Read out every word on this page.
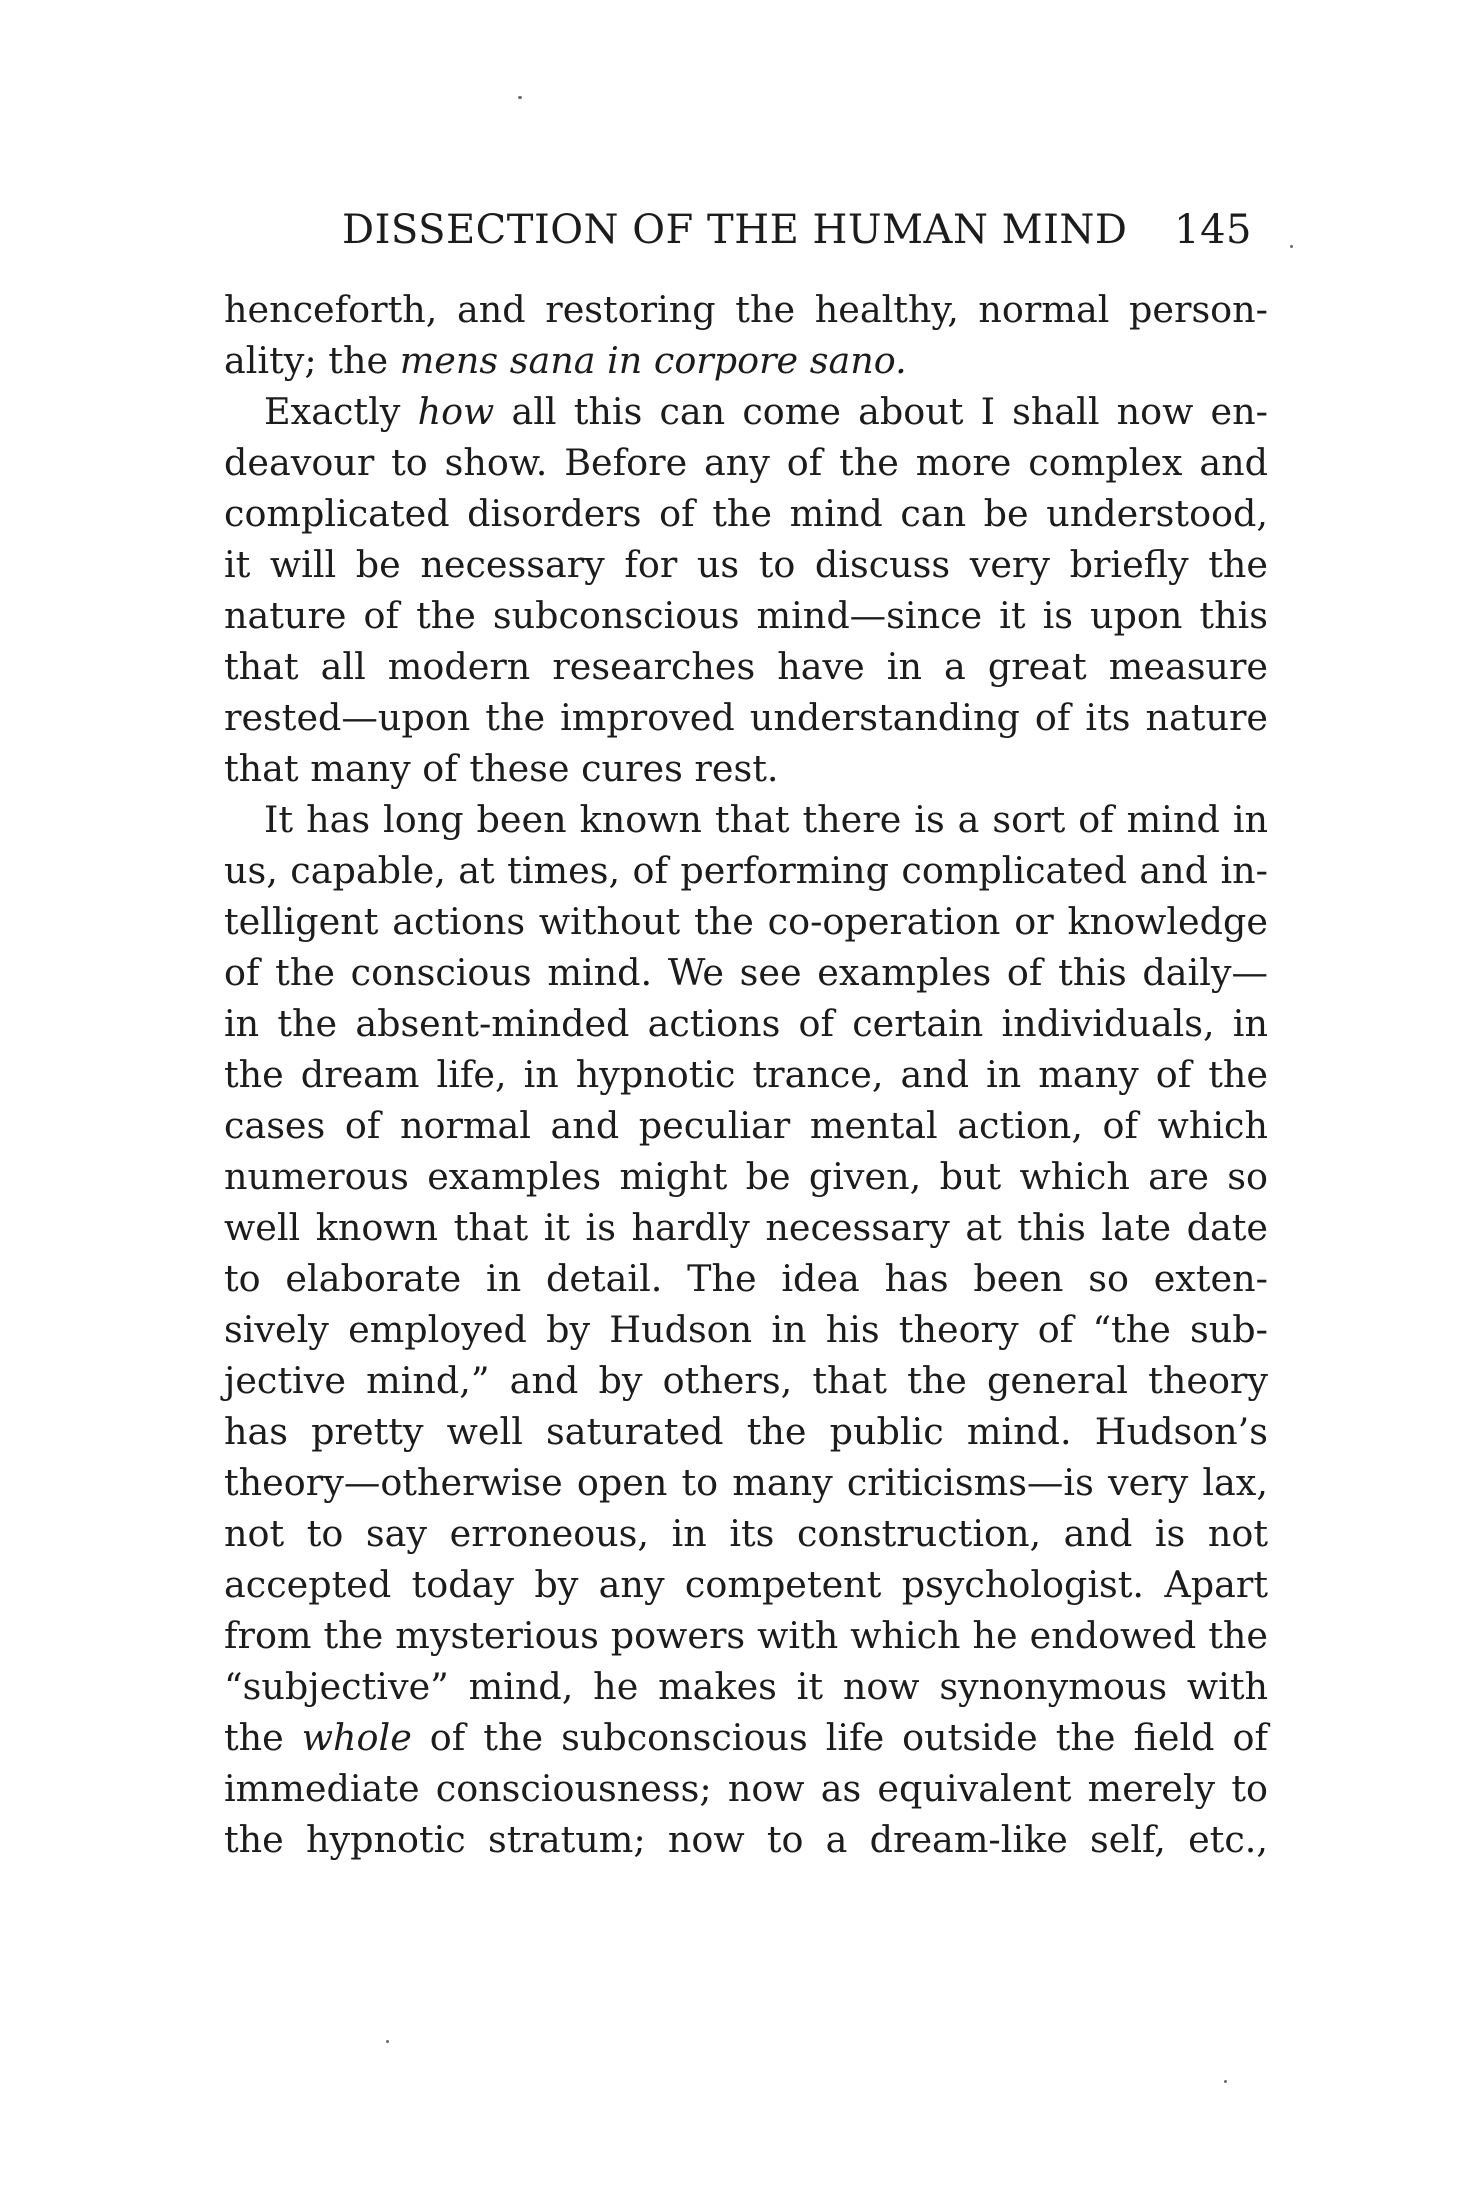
DISSECTION OF THE HUMAN MIND 145
henceforth, and restoring the healthy, normal person-
ality; the mens sana in corpore sano.
Exactly how all this can come about I shall now en-
deavour to show. Before any of the more complex and
complicated disorders of the mind can be understood,
it will be necessary for us to discuss very briefly the
nature of the subconscious mind—since it is upon this
that all modern researches have in a great measure
rested—upon the improved understanding of its nature
that many of these cures rest.
It has long been known that there is a sort of mind in
us, capable, at times, of performing complicated and in-
telligent actions without the co-operation or knowledge
of the conscious mind. We see examples of this daily—
in the absent-minded actions of certain individuals, in
the dream life, in hypnotic trance, and in many of the
cases of normal and peculiar mental action, of which
numerous examples might be given, but which are so
well known that it is hardly necessary at this late date
to elaborate in detail. The idea has been so exten-
sively employed by Hudson in his theory of “the sub-
jective mind,” and by others, that the general theory
has pretty well saturated the public mind. Hudson’s
theory—otherwise open to many criticisms—is very lax,
not to say erroneous, in its construction, and is not
accepted today by any competent psychologist. Apart
from the mysterious powers with which he endowed the
“subjective” mind, he makes it now synonymous with
the whole of the subconscious life outside the field of
immediate consciousness; now as equivalent merely to
the hypnotic stratum; now to a dream-like self, etc.,
